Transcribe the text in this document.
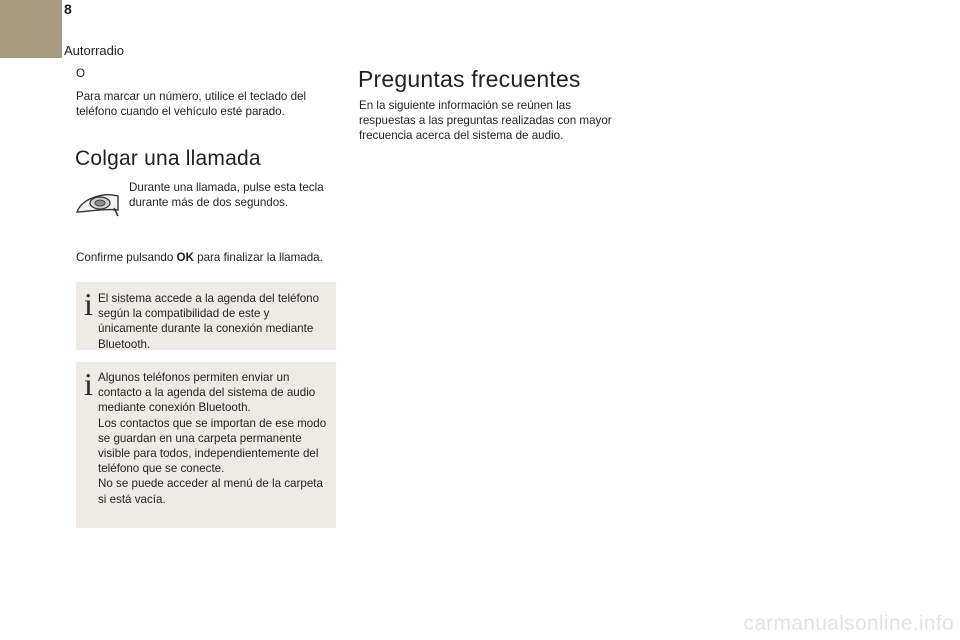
8
Autorradio

O

Para marcar un número, utilice el teclado del teléfono cuando el vehículo esté parado.

Colgar una llamada

Durante una llamada, pulse esta tecla durante más de dos segundos.

Confirme pulsando OK para finalizar la llamada.

i El sistema accede a la agenda del teléfono según la compatibilidad de este y únicamente durante la conexión mediante Bluetooth.
i Algunos teléfonos permiten enviar un contacto a la agenda del sistema de audio mediante conexión Bluetooth.

Los contactos que se importan de ese modo se guardan en una carpeta permanente visible para todos, independientemente del teléfono que se conecte.

No se puede acceder al menú de la carpeta si está vacía.

Preguntas frecuentes

En la siguiente información se reúnen las respuestas a las preguntas realizadas con mayor frecuencia acerca del sistema de audio.

carmanualsonline.info
